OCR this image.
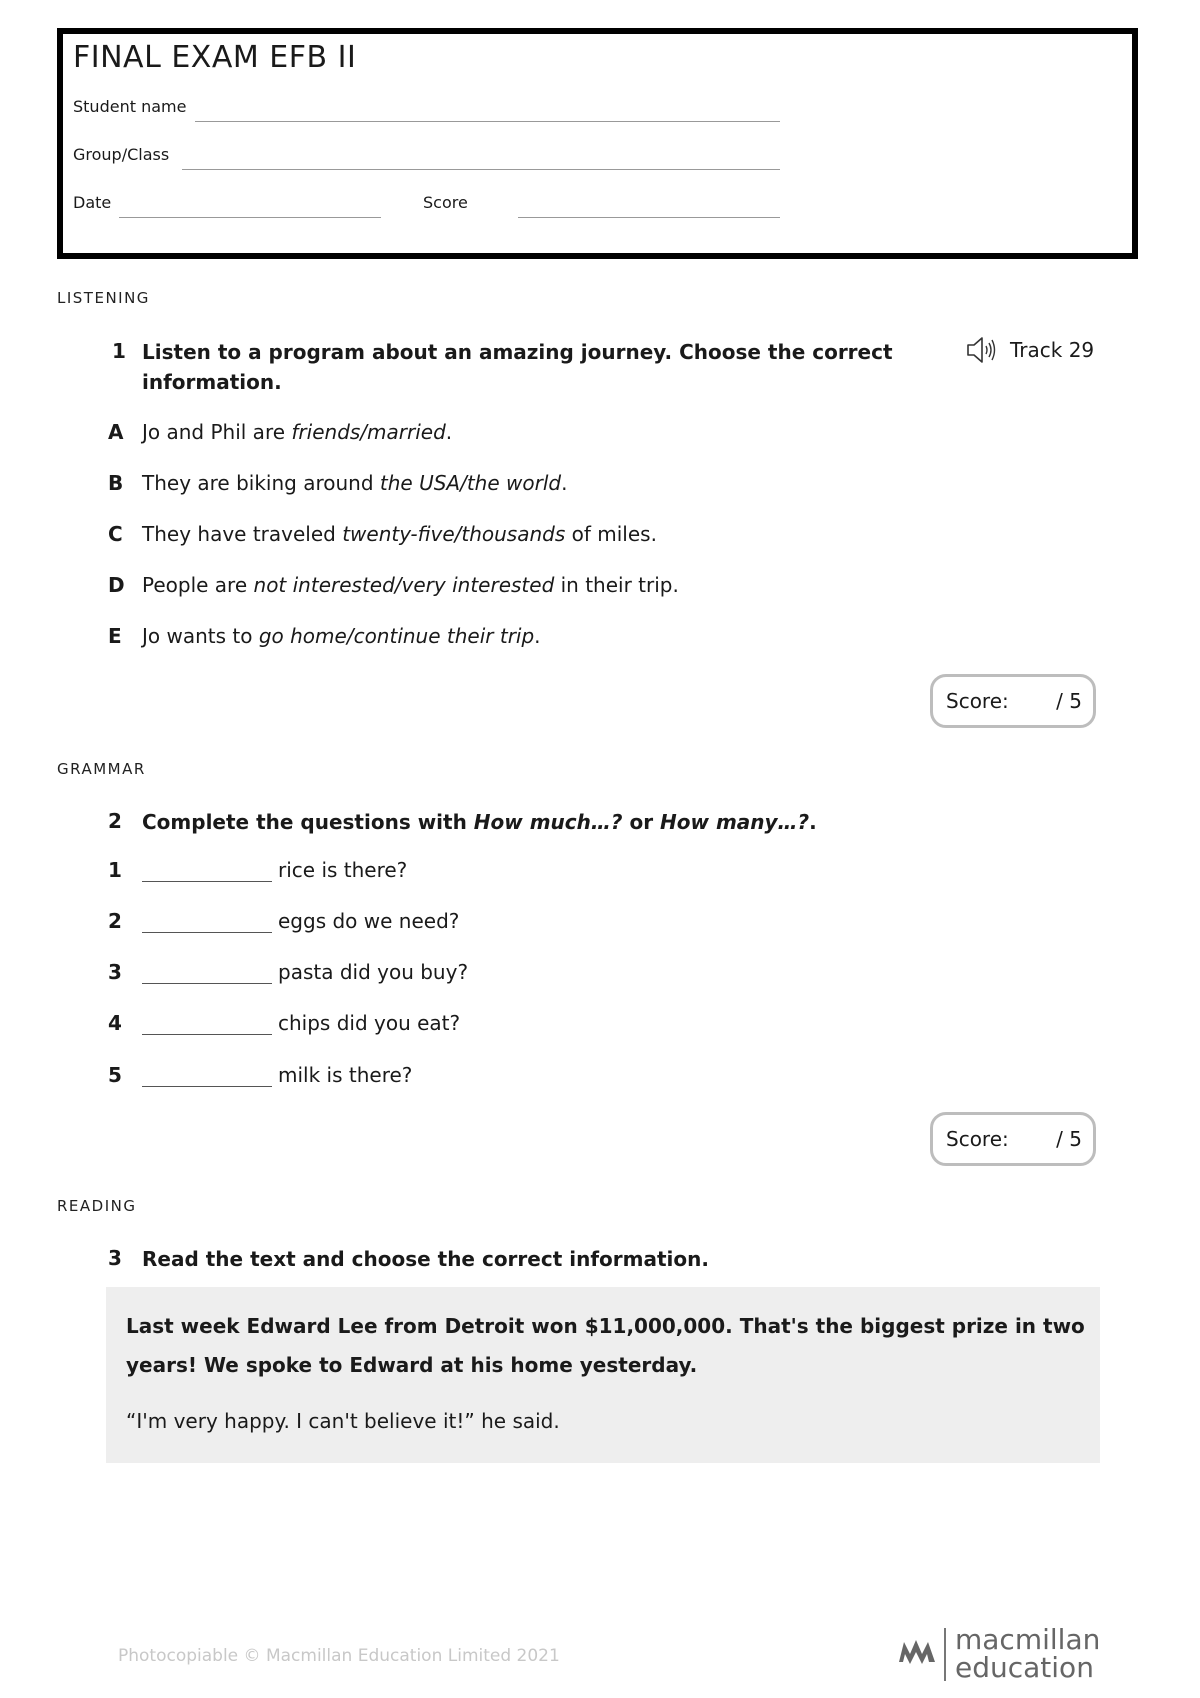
FINAL EXAM EFB II
Student name
Group/Class
Date	Score
LISTENING
1 Listen to a program about an amazing journey. Choose the correct
information.
Track 29
A Jo and Phil are friends/married.
B They are biking around the USA/the world.
C They have traveled twenty-five/thousands of miles.
D People are not interested/very interested in their trip.
E Jo wants to go home/continue their trip.
Score: / 5
GRAMMAR
2 Complete the questions with How much…? or How many…?.
1	rice is there?
2	eggs do we need?
3	pasta did you buy?
4	chips did you eat?
5	milk is there?
Score: / 5
READING
3 Read the text and choose the correct information.
Last week Edward Lee from Detroit won $11,000,000. That's the biggest prize in two years! We spoke to Edward at his home yesterday.
“I'm very happy. I can't believe it!” he said.
Photocopiable © Macmillan Education Limited 2021	macmillan
education
